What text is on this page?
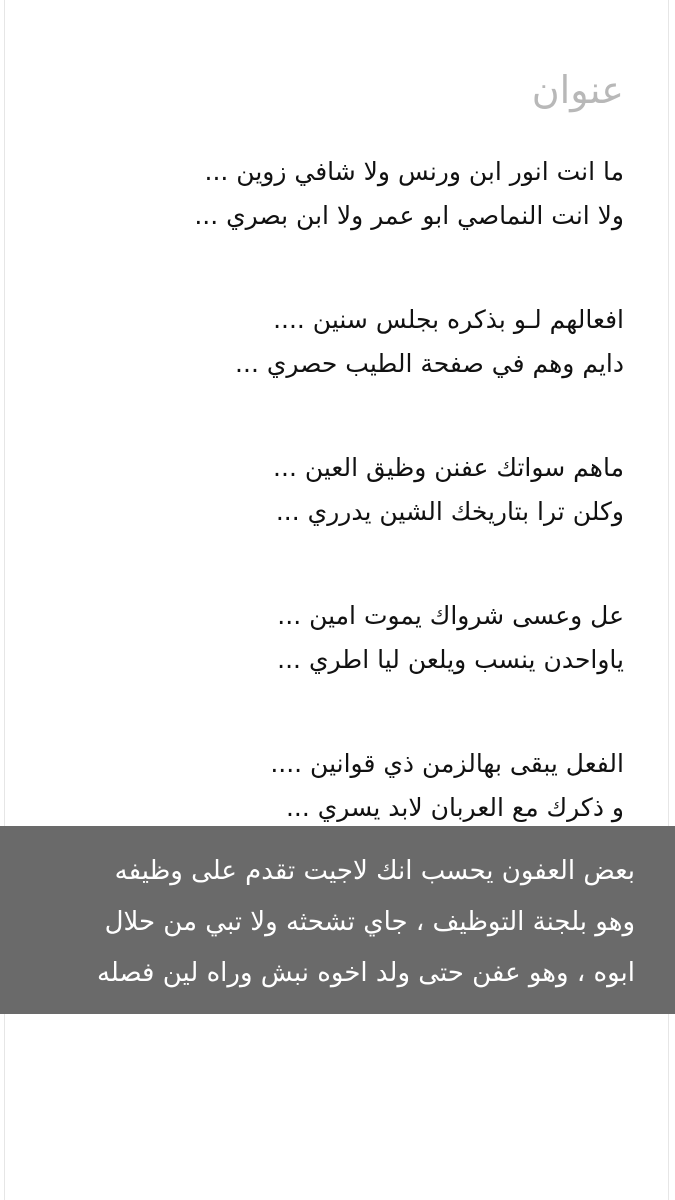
عنوان
ما انت انور ابن ورنس ولا شافي زوين ...
ولا انت النماصي ابو عمر ولا ابن بصري ...
افعالهم لـو بذكره بجلس سنين ....
دايم وهم في صفحة الطيب حصري ...
ماهم سواتك عفنن وظيق العين ...
وكلن ترا بتاريخك الشين يدرري ...
عل وعسى شرواك يموت امين ...
ياواحدن ينسب ويلعن ليا اطري ...
الفعل يبقى بهالزمن ذي قوانين ....
و ذكرك مع العربان لابد يسري ...
بعض العفون يحسب انك لاجيت تقدم على وظيفه
وهو بلجنة التوظيف ، جاي تشحثه ولا تبي من حلال
ابوه ، وهو عفن حتى ولد اخوه نبش وراه لين فصله
